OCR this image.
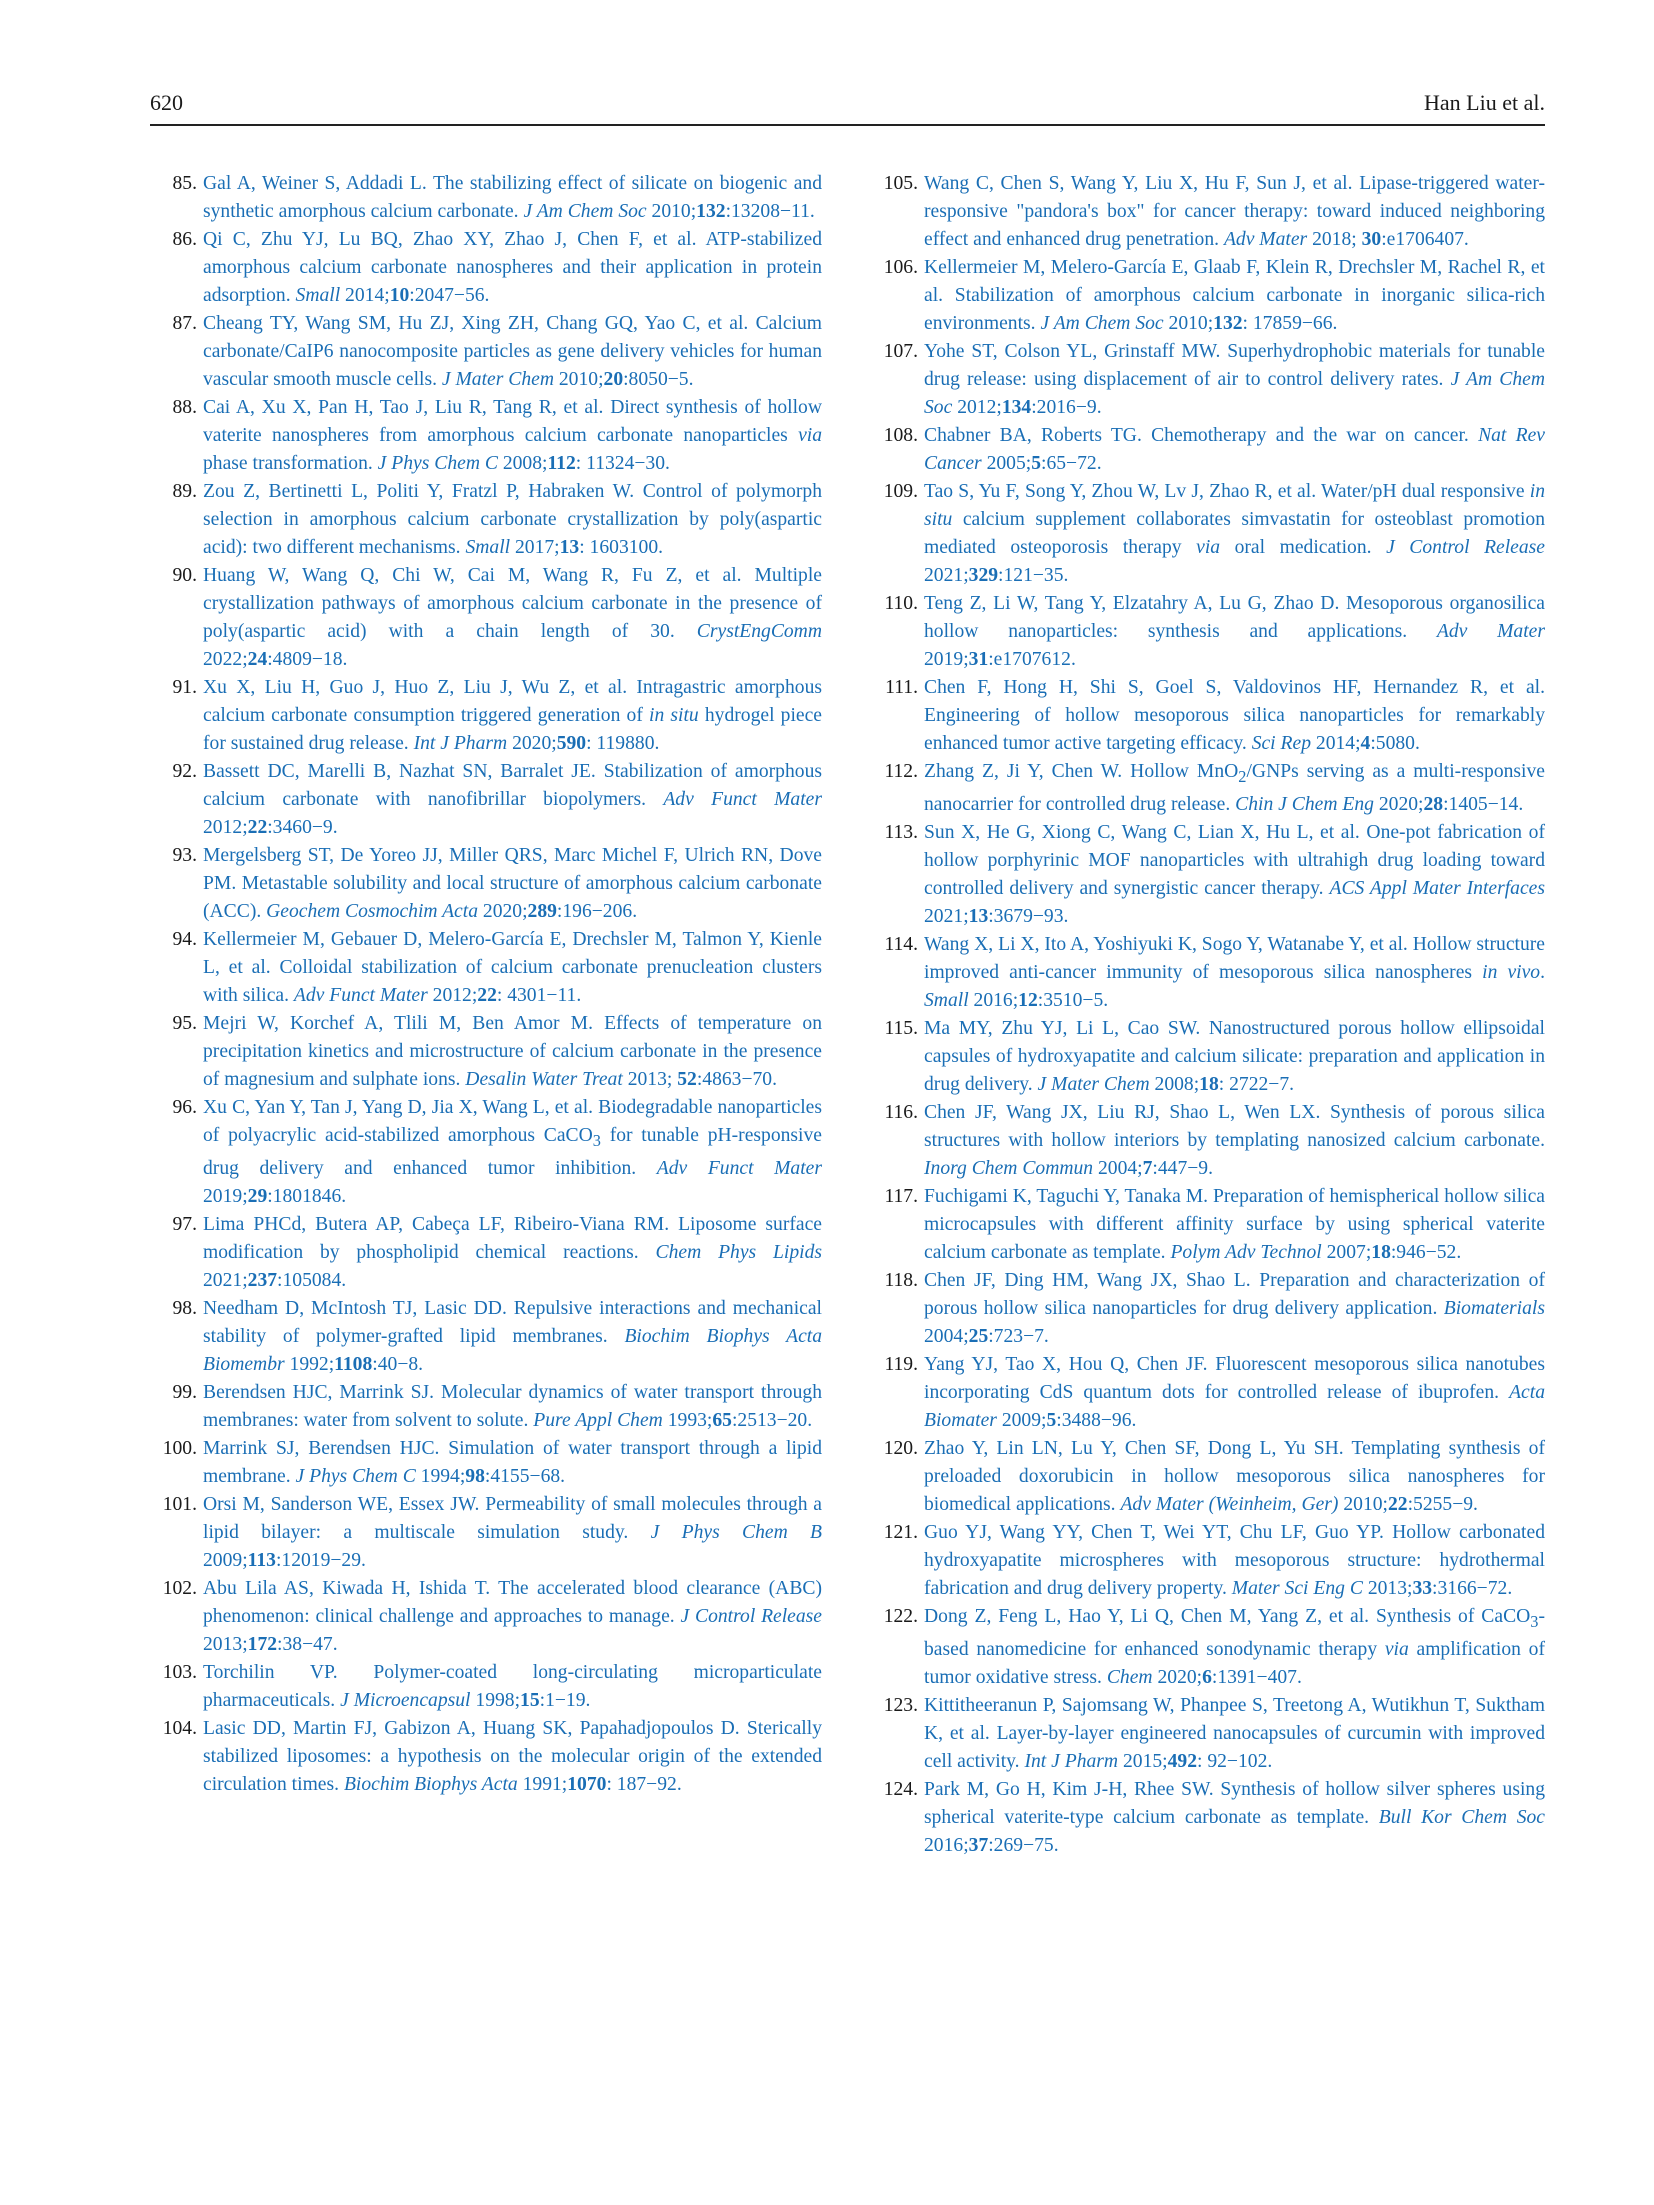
620	Han Liu et al.
85. Gal A, Weiner S, Addadi L. The stabilizing effect of silicate on biogenic and synthetic amorphous calcium carbonate. J Am Chem Soc 2010;132:13208−11.
86. Qi C, Zhu YJ, Lu BQ, Zhao XY, Zhao J, Chen F, et al. ATP-stabilized amorphous calcium carbonate nanospheres and their application in protein adsorption. Small 2014;10:2047−56.
87. Cheang TY, Wang SM, Hu ZJ, Xing ZH, Chang GQ, Yao C, et al. Calcium carbonate/CaIP6 nanocomposite particles as gene delivery vehicles for human vascular smooth muscle cells. J Mater Chem 2010;20:8050−5.
88. Cai A, Xu X, Pan H, Tao J, Liu R, Tang R, et al. Direct synthesis of hollow vaterite nanospheres from amorphous calcium carbonate nanoparticles via phase transformation. J Phys Chem C 2008;112: 11324−30.
89. Zou Z, Bertinetti L, Politi Y, Fratzl P, Habraken W. Control of polymorph selection in amorphous calcium carbonate crystallization by poly(aspartic acid): two different mechanisms. Small 2017;13: 1603100.
90. Huang W, Wang Q, Chi W, Cai M, Wang R, Fu Z, et al. Multiple crystallization pathways of amorphous calcium carbonate in the presence of poly(aspartic acid) with a chain length of 30. CrystEngComm 2022;24:4809−18.
91. Xu X, Liu H, Guo J, Huo Z, Liu J, Wu Z, et al. Intragastric amorphous calcium carbonate consumption triggered generation of in situ hydrogel piece for sustained drug release. Int J Pharm 2020;590: 119880.
92. Bassett DC, Marelli B, Nazhat SN, Barralet JE. Stabilization of amorphous calcium carbonate with nanofibrillar biopolymers. Adv Funct Mater 2012;22:3460−9.
93. Mergelsberg ST, De Yoreo JJ, Miller QRS, Marc Michel F, Ulrich RN, Dove PM. Metastable solubility and local structure of amorphous calcium carbonate (ACC). Geochem Cosmochim Acta 2020;289:196−206.
94. Kellermeier M, Gebauer D, Melero-García E, Drechsler M, Talmon Y, Kienle L, et al. Colloidal stabilization of calcium carbonate prenucleation clusters with silica. Adv Funct Mater 2012;22: 4301−11.
95. Mejri W, Korchef A, Tlili M, Ben Amor M. Effects of temperature on precipitation kinetics and microstructure of calcium carbonate in the presence of magnesium and sulphate ions. Desalin Water Treat 2013; 52:4863−70.
96. Xu C, Yan Y, Tan J, Yang D, Jia X, Wang L, et al. Biodegradable nanoparticles of polyacrylic acid-stabilized amorphous CaCO$_3$ for tunable pH-responsive drug delivery and enhanced tumor inhibition. Adv Funct Mater 2019;29:1801846.
97. Lima PHCd, Butera AP, Cabeça LF, Ribeiro-Viana RM. Liposome surface modification by phospholipid chemical reactions. Chem Phys Lipids 2021;237:105084.
98. Needham D, McIntosh TJ, Lasic DD. Repulsive interactions and mechanical stability of polymer-grafted lipid membranes. Biochim Biophys Acta Biomembr 1992;1108:40−8.
99. Berendsen HJC, Marrink SJ. Molecular dynamics of water transport through membranes: water from solvent to solute. Pure Appl Chem 1993;65:2513−20.
100. Marrink SJ, Berendsen HJC. Simulation of water transport through a lipid membrane. J Phys Chem C 1994;98:4155−68.
101. Orsi M, Sanderson WE, Essex JW. Permeability of small molecules through a lipid bilayer: a multiscale simulation study. J Phys Chem B 2009;113:12019−29.
102. Abu Lila AS, Kiwada H, Ishida T. The accelerated blood clearance (ABC) phenomenon: clinical challenge and approaches to manage. J Control Release 2013;172:38−47.
103. Torchilin VP. Polymer-coated long-circulating microparticulate pharmaceuticals. J Microencapsul 1998;15:1−19.
104. Lasic DD, Martin FJ, Gabizon A, Huang SK, Papahadjopoulos D. Sterically stabilized liposomes: a hypothesis on the molecular origin of the extended circulation times. Biochim Biophys Acta 1991;1070: 187−92.
105. Wang C, Chen S, Wang Y, Liu X, Hu F, Sun J, et al. Lipase-triggered water-responsive "pandora's box" for cancer therapy: toward induced neighboring effect and enhanced drug penetration. Adv Mater 2018; 30:e1706407.
106. Kellermeier M, Melero-García E, Glaab F, Klein R, Drechsler M, Rachel R, et al. Stabilization of amorphous calcium carbonate in inorganic silica-rich environments. J Am Chem Soc 2010;132: 17859−66.
107. Yohe ST, Colson YL, Grinstaff MW. Superhydrophobic materials for tunable drug release: using displacement of air to control delivery rates. J Am Chem Soc 2012;134:2016−9.
108. Chabner BA, Roberts TG. Chemotherapy and the war on cancer. Nat Rev Cancer 2005;5:65−72.
109. Tao S, Yu F, Song Y, Zhou W, Lv J, Zhao R, et al. Water/pH dual responsive in situ calcium supplement collaborates simvastatin for osteoblast promotion mediated osteoporosis therapy via oral medication. J Control Release 2021;329:121−35.
110. Teng Z, Li W, Tang Y, Elzatahry A, Lu G, Zhao D. Mesoporous organosilica hollow nanoparticles: synthesis and applications. Adv Mater 2019;31:e1707612.
111. Chen F, Hong H, Shi S, Goel S, Valdovinos HF, Hernandez R, et al. Engineering of hollow mesoporous silica nanoparticles for remarkably enhanced tumor active targeting efficacy. Sci Rep 2014;4:5080.
112. Zhang Z, Ji Y, Chen W. Hollow MnO$_2$/GNPs serving as a multi-responsive nanocarrier for controlled drug release. Chin J Chem Eng 2020;28:1405−14.
113. Sun X, He G, Xiong C, Wang C, Lian X, Hu L, et al. One-pot fabrication of hollow porphyrinic MOF nanoparticles with ultrahigh drug loading toward controlled delivery and synergistic cancer therapy. ACS Appl Mater Interfaces 2021;13:3679−93.
114. Wang X, Li X, Ito A, Yoshiyuki K, Sogo Y, Watanabe Y, et al. Hollow structure improved anti-cancer immunity of mesoporous silica nanospheres in vivo. Small 2016;12:3510−5.
115. Ma MY, Zhu YJ, Li L, Cao SW. Nanostructured porous hollow ellipsoidal capsules of hydroxyapatite and calcium silicate: preparation and application in drug delivery. J Mater Chem 2008;18: 2722−7.
116. Chen JF, Wang JX, Liu RJ, Shao L, Wen LX. Synthesis of porous silica structures with hollow interiors by templating nanosized calcium carbonate. Inorg Chem Commun 2004;7:447−9.
117. Fuchigami K, Taguchi Y, Tanaka M. Preparation of hemispherical hollow silica microcapsules with different affinity surface by using spherical vaterite calcium carbonate as template. Polym Adv Technol 2007;18:946−52.
118. Chen JF, Ding HM, Wang JX, Shao L. Preparation and characterization of porous hollow silica nanoparticles for drug delivery application. Biomaterials 2004;25:723−7.
119. Yang YJ, Tao X, Hou Q, Chen JF. Fluorescent mesoporous silica nanotubes incorporating CdS quantum dots for controlled release of ibuprofen. Acta Biomater 2009;5:3488−96.
120. Zhao Y, Lin LN, Lu Y, Chen SF, Dong L, Yu SH. Templating synthesis of preloaded doxorubicin in hollow mesoporous silica nanospheres for biomedical applications. Adv Mater (Weinheim, Ger) 2010;22:5255−9.
121. Guo YJ, Wang YY, Chen T, Wei YT, Chu LF, Guo YP. Hollow carbonated hydroxyapatite microspheres with mesoporous structure: hydrothermal fabrication and drug delivery property. Mater Sci Eng C 2013;33:3166−72.
122. Dong Z, Feng L, Hao Y, Li Q, Chen M, Yang Z, et al. Synthesis of CaCO$_3$-based nanomedicine for enhanced sonodynamic therapy via amplification of tumor oxidative stress. Chem 2020;6:1391−407.
123. Kittitheeranun P, Sajomsang W, Phanpee S, Treetong A, Wutikhun T, Suktham K, et al. Layer-by-layer engineered nanocapsules of curcumin with improved cell activity. Int J Pharm 2015;492: 92−102.
124. Park M, Go H, Kim J-H, Rhee SW. Synthesis of hollow silver spheres using spherical vaterite-type calcium carbonate as template. Bull Kor Chem Soc 2016;37:269−75.
